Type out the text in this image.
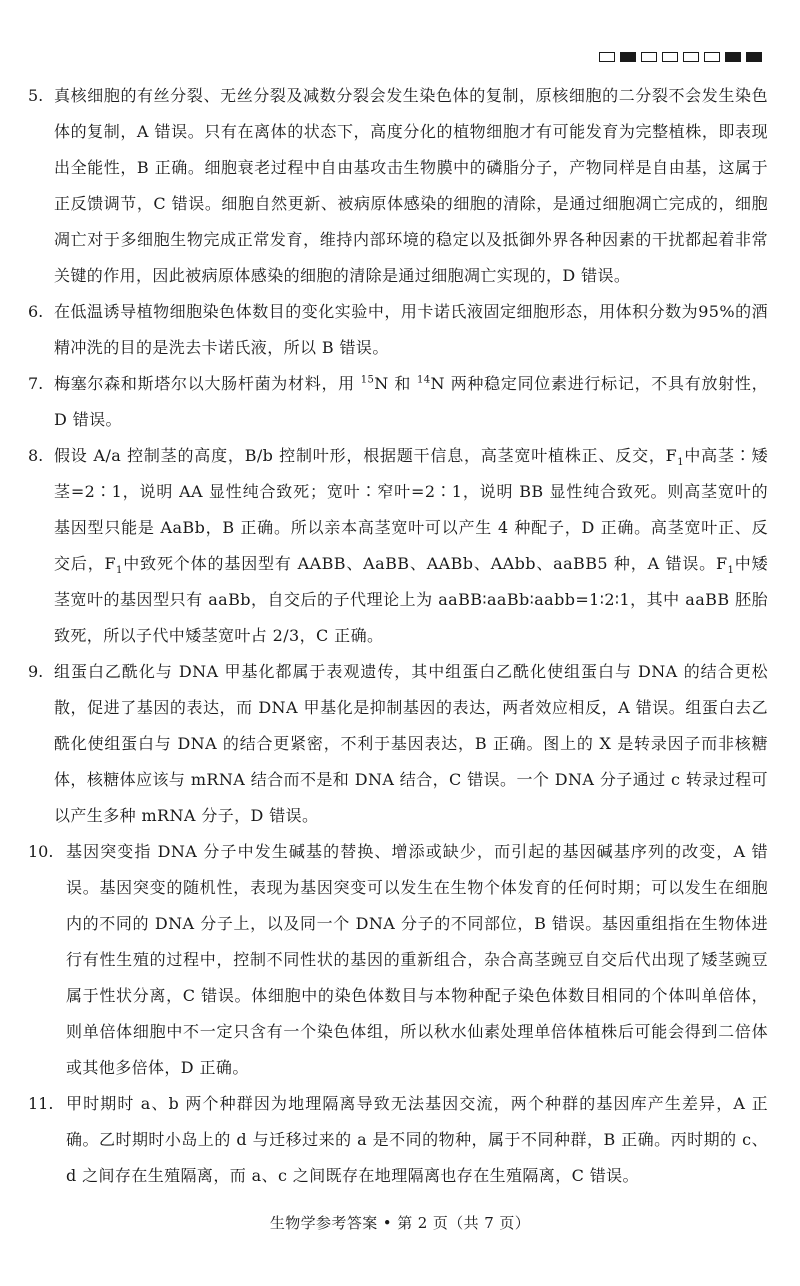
5. 真核细胞的有丝分裂、无丝分裂及减数分裂会发生染色体的复制，原核细胞的二分裂不会发生染色体的复制，A 错误。只有在离体的状态下，高度分化的植物细胞才有可能发育为完整植株，即表现出全能性，B 正确。细胞衰老过程中自由基攻击生物膜中的磷脂分子，产物同样是自由基，这属于正反馈调节，C 错误。细胞自然更新、被病原体感染的细胞的清除，是通过细胞凋亡完成的，细胞凋亡对于多细胞生物完成正常发育，维持内部环境的稳定以及抵御外界各种因素的干扰都起着非常关键的作用，因此被病原体感染的细胞的清除是通过细胞凋亡实现的，D 错误。
6. 在低温诱导植物细胞染色体数目的变化实验中，用卡诺氏液固定细胞形态，用体积分数为95%的酒精冲洗的目的是洗去卡诺氏液，所以 B 错误。
7. 梅塞尔森和斯塔尔以大肠杆菌为材料，用 $^{15}$N 和 $^{14}$N 两种稳定同位素进行标记，不具有放射性，D 错误。
8. 假设 A/a 控制茎的高度，B/b 控制叶形，根据题干信息，高茎宽叶植株正、反交，$F_1$中高茎∶矮茎=2∶1，说明 AA 显性纯合致死；宽叶∶窄叶=2∶1，说明 BB 显性纯合致死。则高茎宽叶的基因型只能是 AaBb，B 正确。所以亲本高茎宽叶可以产生 4 种配子，D 正确。高茎宽叶正、反交后，$F_1$中致死个体的基因型有 AABB、AaBB、AABb、AAbb、aaBB5 种，A 错误。$F_1$中矮茎宽叶的基因型只有 aaBb，自交后的子代理论上为 aaBB∶aaBb∶aabb=1∶2∶1，其中 aaBB 胚胎致死，所以子代中矮茎宽叶占 2/3，C 正确。
9. 组蛋白乙酰化与 DNA 甲基化都属于表观遗传，其中组蛋白乙酰化使组蛋白与 DNA 的结合更松散，促进了基因的表达，而 DNA 甲基化是抑制基因的表达，两者效应相反，A 错误。组蛋白去乙酰化使组蛋白与 DNA 的结合更紧密，不利于基因表达，B 正确。图上的 X 是转录因子而非核糖体，核糖体应该与 mRNA 结合而不是和 DNA 结合，C 错误。一个 DNA 分子通过 c 转录过程可以产生多种 mRNA 分子，D 错误。
10. 基因突变指 DNA 分子中发生碱基的替换、增添或缺少，而引起的基因碱基序列的改变，A 错误。基因突变的随机性，表现为基因突变可以发生在生物个体发育的任何时期；可以发生在细胞内的不同的 DNA 分子上，以及同一个 DNA 分子的不同部位，B 错误。基因重组指在生物体进行有性生殖的过程中，控制不同性状的基因的重新组合，杂合高茎豌豆自交后代出现了矮茎豌豆属于性状分离，C 错误。体细胞中的染色体数目与本物种配子染色体数目相同的个体叫单倍体，则单倍体细胞中不一定只含有一个染色体组，所以秋水仙素处理单倍体植株后可能会得到二倍体或其他多倍体，D 正确。
11. 甲时期时 a、b 两个种群因为地理隔离导致无法基因交流，两个种群的基因库产生差异，A 正确。乙时期时小岛上的 d 与迁移过来的 a 是不同的物种，属于不同种群，B 正确。丙时期的 c、d 之间存在生殖隔离，而 a、c 之间既存在地理隔离也存在生殖隔离，C 错误。
生物学参考答案 • 第 2 页（共 7 页）
